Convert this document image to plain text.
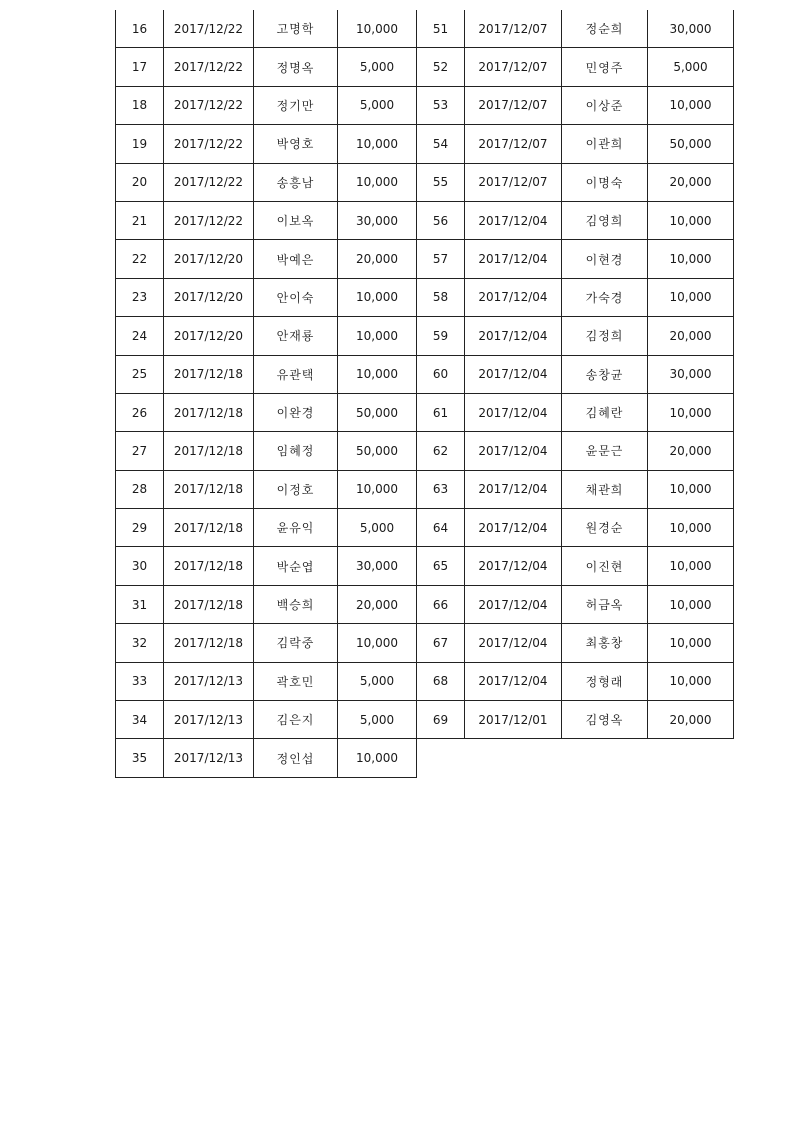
16	2017/12/22	고명학	10,000
17	2017/12/22	정명옥	5,000
18	2017/12/22	정기만	5,000
19	2017/12/22	박영호	10,000
20	2017/12/22	송흥남	10,000
21	2017/12/22	이보옥	30,000
22	2017/12/20	박예은	20,000
23	2017/12/20	안이숙	10,000
24	2017/12/20	안재룡	10,000
25	2017/12/18	유관택	10,000
26	2017/12/18	이완경	50,000
27	2017/12/18	임혜정	50,000
28	2017/12/18	이정호	10,000
29	2017/12/18	윤유익	5,000
30	2017/12/18	박순엽	30,000
31	2017/12/18	백승희	20,000
32	2017/12/18	김락중	10,000
33	2017/12/13	곽호민	5,000
34	2017/12/13	김은지	5,000
35	2017/12/13	정인섭	10,000
51	2017/12/07	정순희	30,000
52	2017/12/07	민영주	5,000
53	2017/12/07	이상준	10,000
54	2017/12/07	이관희	50,000
55	2017/12/07	이명숙	20,000
56	2017/12/04	김영희	10,000
57	2017/12/04	이현경	10,000
58	2017/12/04	가숙경	10,000
59	2017/12/04	김정희	20,000
60	2017/12/04	송창균	30,000
61	2017/12/04	김혜란	10,000
62	2017/12/04	윤문근	20,000
63	2017/12/04	채관희	10,000
64	2017/12/04	원경순	10,000
65	2017/12/04	이진현	10,000
66	2017/12/04	허금옥	10,000
67	2017/12/04	최홍창	10,000
68	2017/12/04	정형래	10,000
69	2017/12/01	김영옥	20,000
